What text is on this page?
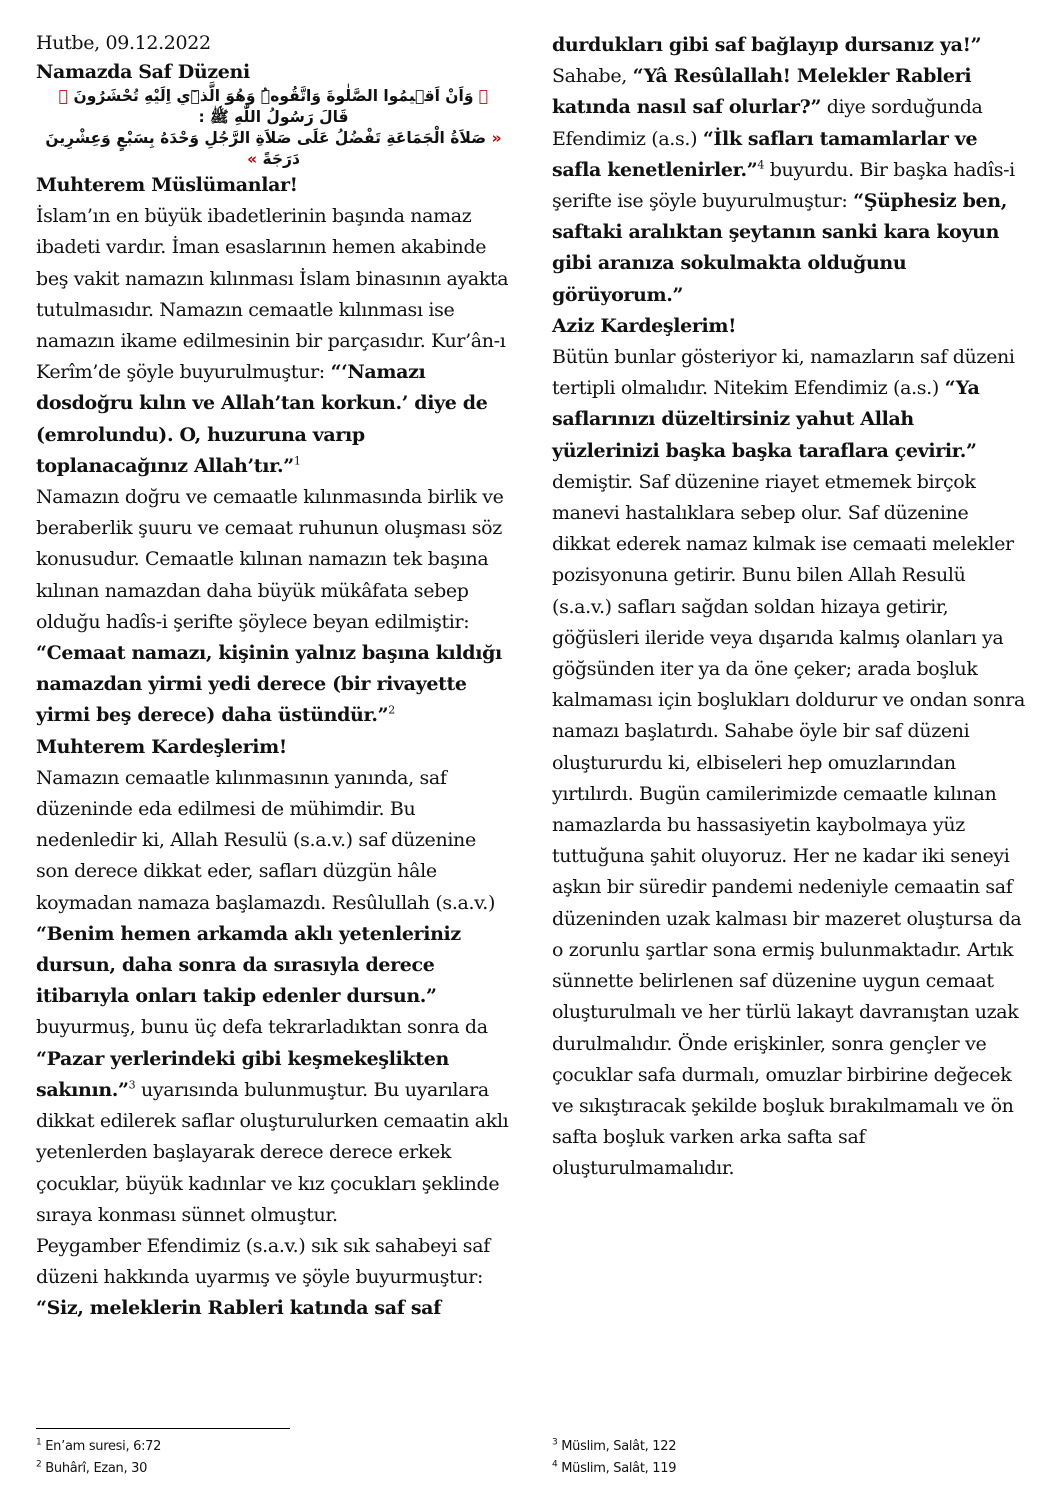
Hutbe, 09.12.2022

Namazda Saf Düzeni

﴿ وَاَنْ اَق۪يمُوا الصَّلٰوةَ وَاتَّقُوهُۜ وَهُوَ الَّذ۪ٓي اِلَيْهِ تُحْشَرُونَ ﴾

قَالَ رَسُولُ اللّٰهِ ﷺ :

« صَلاَةُ الْجَمَاعَةِ تَفْضُلُ عَلَى صَلاَةِ الرَّجُلِ وَحْدَهُ بِسَبْعٍ وَعِشْرِينَ دَرَجَةً »

Muhterem Müslümanlar!

İslam’ın en büyük ibadetlerinin başında namaz ibadeti vardır. İman esaslarının hemen akabinde beş vakit namazın kılınması İslam binasının ayakta tutulmasıdır. Namazın cemaatle kılınması ise namazın ikame edilmesinin bir parçasıdır. Kur’ân-ı Kerîm’de şöyle buyurulmuştur: “‘Namazı dosdoğru kılın ve Allah’tan korkun.’ diye de (emrolundu). O, huzuruna varıp toplanacağınız Allah’tır.”$^1$

Namazın doğru ve cemaatle kılınmasında birlik ve beraberlik şuuru ve cemaat ruhunun oluşması söz konusudur. Cemaatle kılınan namazın tek başına kılınan namazdan daha büyük mükâfata sebep olduğu hadîs-i şerifte şöylece beyan edilmiştir: “Cemaat namazı, kişinin yalnız başına kıldığı namazdan yirmi yedi derece (bir rivayette yirmi beş derece) daha üstündür.”$^2$

Muhterem Kardeşlerim!

Namazın cemaatle kılınmasının yanında, saf düzeninde eda edilmesi de mühimdir. Bu nedenledir ki, Allah Resulü (s.a.v.) saf düzenine son derece dikkat eder, safları düzgün hâle koymadan namaza başlamazdı. Resûlullah (s.a.v.) “Benim hemen arkamda aklı yetenleriniz dursun, daha sonra da sırasıyla derece itibarıyla onları takip edenler dursun.” buyurmuş, bunu üç defa tekrarladıktan sonra da “Pazar yerlerindeki gibi keşmekeşlikten sakının.”$^3$ uyarısında bulunmuştur. Bu uyarılara dikkat edilerek saflar oluşturulurken cemaatin aklı yetenlerden başlayarak derece derece erkek çocuklar, büyük kadınlar ve kız çocukları şeklinde sıraya konması sünnet olmuştur.

Peygamber Efendimiz (s.a.v.) sık sık sahabeyi saf düzeni hakkında uyarmış ve şöyle buyurmuştur: “Siz, meleklerin Rableri katında saf saf

durdukları gibi saf bağlayıp dursanız ya!” Sahabe, “Yâ Resûlallah! Melekler Rableri katında nasıl saf olurlar?” diye sorduğunda Efendimiz (a.s.) “İlk safları tamamlarlar ve safla kenetlenirler.”$^4$ buyurdu. Bir başka hadîs-i şerifte ise şöyle buyurulmuştur: “Şüphesiz ben, saftaki aralıktan şeytanın sanki kara koyun gibi aranıza sokulmakta olduğunu görüyorum.”

Aziz Kardeşlerim!

Bütün bunlar gösteriyor ki, namazların saf düzeni tertipli olmalıdır. Nitekim Efendimiz (a.s.) “Ya saflarınızı düzeltirsiniz yahut Allah yüzlerinizi başka başka taraflara çevirir.” demiştir. Saf düzenine riayet etmemek birçok manevi hastalıklara sebep olur. Saf düzenine dikkat ederek namaz kılmak ise cemaati melekler pozisyonuna getirir. Bunu bilen Allah Resulü (s.a.v.) safları sağdan soldan hizaya getirir, göğüsleri ileride veya dışarıda kalmış olanları ya göğsünden iter ya da öne çeker; arada boşluk kalmaması için boşlukları doldurur ve ondan sonra namazı başlatırdı. Sahabe öyle bir saf düzeni oluştururdu ki, elbiseleri hep omuzlarından yırtılırdı. Bugün camilerimizde cemaatle kılınan namazlarda bu hassasiyetin kaybolmaya yüz tuttuğuna şahit oluyoruz. Her ne kadar iki seneyi aşkın bir süredir pandemi nedeniyle cemaatin saf düzeninden uzak kalması bir mazeret oluştursa da o zorunlu şartlar sona ermiş bulunmaktadır. Artık sünnette belirlenen saf düzenine uygun cemaat oluşturulmalı ve her türlü lakayt davranıştan uzak durulmalıdır. Önde erişkinler, sonra gençler ve çocuklar safa durmalı, omuzlar birbirine değecek ve sıkıştıracak şekilde boşluk bırakılmamalı ve ön safta boşluk varken arka safta saf oluşturulmamalıdır.

$^1$ En’am suresi, 6:72
$^2$ Buhârî, Ezan, 30
$^3$ Müslim, Salât, 122
$^4$ Müslim, Salât, 119
